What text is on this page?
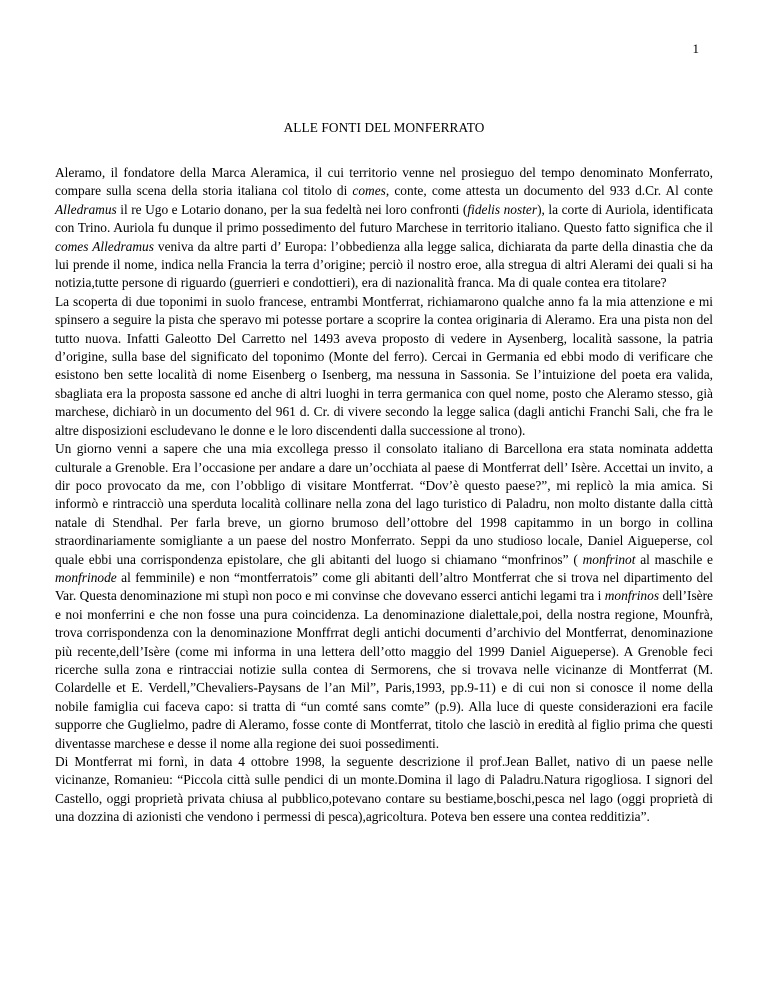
1
ALLE FONTI DEL MONFERRATO

Aleramo, il fondatore della Marca Aleramica, il cui territorio venne nel prosieguo del tempo denominato Monferrato, compare sulla scena della storia italiana col titolo di comes, conte, come attesta un documento del 933 d.Cr. Al conte Alledramus il re Ugo e Lotario donano, per la sua fedeltà nei loro confronti (fidelis noster), la corte di Auriola, identificata con Trino. Auriola fu dunque il primo possedimento del futuro Marchese in territorio italiano. Questo fatto significa che il comes Alledramus veniva da altre parti d’ Europa: l’obbedienza alla legge salica, dichiarata da parte della dinastia che da lui prende il nome, indica nella Francia la terra d’origine; perciò il nostro eroe, alla stregua di altri Alerami dei quali si ha notizia,tutte persone di riguardo (guerrieri e condottieri), era di nazionalità franca. Ma di quale contea era titolare?

La scoperta di due toponimi in suolo francese, entrambi Montferrat, richiamarono qualche anno fa la mia attenzione e mi spinsero a seguire la pista che speravo mi potesse portare a scoprire la contea originaria di Aleramo. Era una pista non del tutto nuova. Infatti Galeotto Del Carretto nel 1493 aveva proposto di vedere in Aysenberg, località sassone, la patria d’origine, sulla base del significato del toponimo (Monte del ferro). Cercai in Germania ed ebbi modo di verificare che esistono ben sette località di nome Eisenberg o Isenberg, ma nessuna in Sassonia. Se l’intuizione del poeta era valida, sbagliata era la proposta sassone ed anche di altri luoghi in terra germanica con quel nome, posto che Aleramo stesso, già marchese, dichiarò in un documento del 961 d. Cr. di vivere secondo la legge salica (dagli antichi Franchi Sali, che fra le altre disposizioni escludevano le donne e le loro discendenti dalla successione al trono).

Un giorno venni a sapere che una mia excollega presso il consolato italiano di Barcellona era stata nominata addetta culturale a Grenoble. Era l’occasione per andare a dare un’occhiata al paese di Montferrat dell’ Isère. Accettai un invito, a dir poco provocato da me, con l’obbligo di visitare Montferrat. “Dov’è questo paese?”, mi replicò la mia amica. Si informò e rintracciò una sperduta località collinare nella zona del lago turistico di Paladru, non molto distante dalla città natale di Stendhal. Per farla breve, un giorno brumoso dell’ottobre del 1998 capitammo in un borgo in collina straordinariamente somigliante a un paese del nostro Monferrato. Seppi da uno studioso locale, Daniel Aigueperse, col quale ebbi una corrispondenza epistolare, che gli abitanti del luogo si chiamano “monfrinos” ( monfrinot al maschile e monfrinode al femminile) e non “montferratois” come gli abitanti dell’altro Montferrat che si trova nel dipartimento del Var. Questa denominazione mi stupì non poco e mi convinse che dovevano esserci antichi legami tra i monfrinos dell’Isère e noi monferrini e che non fosse una pura coincidenza. La denominazione dialettale,poi, della nostra regione, Mounfrà, trova corrispondenza con la denominazione Monffrrat degli antichi documenti d’archivio del Montferrat, denominazione più recente,dell’Isère (come mi informa in una lettera dell’otto maggio del 1999 Daniel Aigueperse). A Grenoble feci ricerche sulla zona e rintracciai notizie sulla contea di Sermorens, che si trovava nelle vicinanze di Montferrat (M. Colardelle et E. Verdell,”Chevaliers-Paysans de l’an Mil”, Paris,1993, pp.9-11) e di cui non si conosce il nome della nobile famiglia cui faceva capo: si tratta di “un comté sans comte” (p.9). Alla luce di queste considerazioni era facile supporre che Guglielmo, padre di Aleramo, fosse conte di Montferrat, titolo che lasciò in eredità al figlio prima che questi diventasse marchese e desse il nome alla regione dei suoi possedimenti.

Di Montferrat mi fornì, in data 4 ottobre 1998, la seguente descrizione il prof.Jean Ballet, nativo di un paese nelle vicinanze, Romanieu: “Piccola città sulle pendici di un monte.Domina il lago di Paladru.Natura rigogliosa. I signori del Castello, oggi proprietà privata chiusa al pubblico,potevano contare su bestiame,boschi,pesca nel lago (oggi proprietà di una dozzina di azionisti che vendono i permessi di pesca),agricoltura. Poteva ben essere una contea redditizia”.
